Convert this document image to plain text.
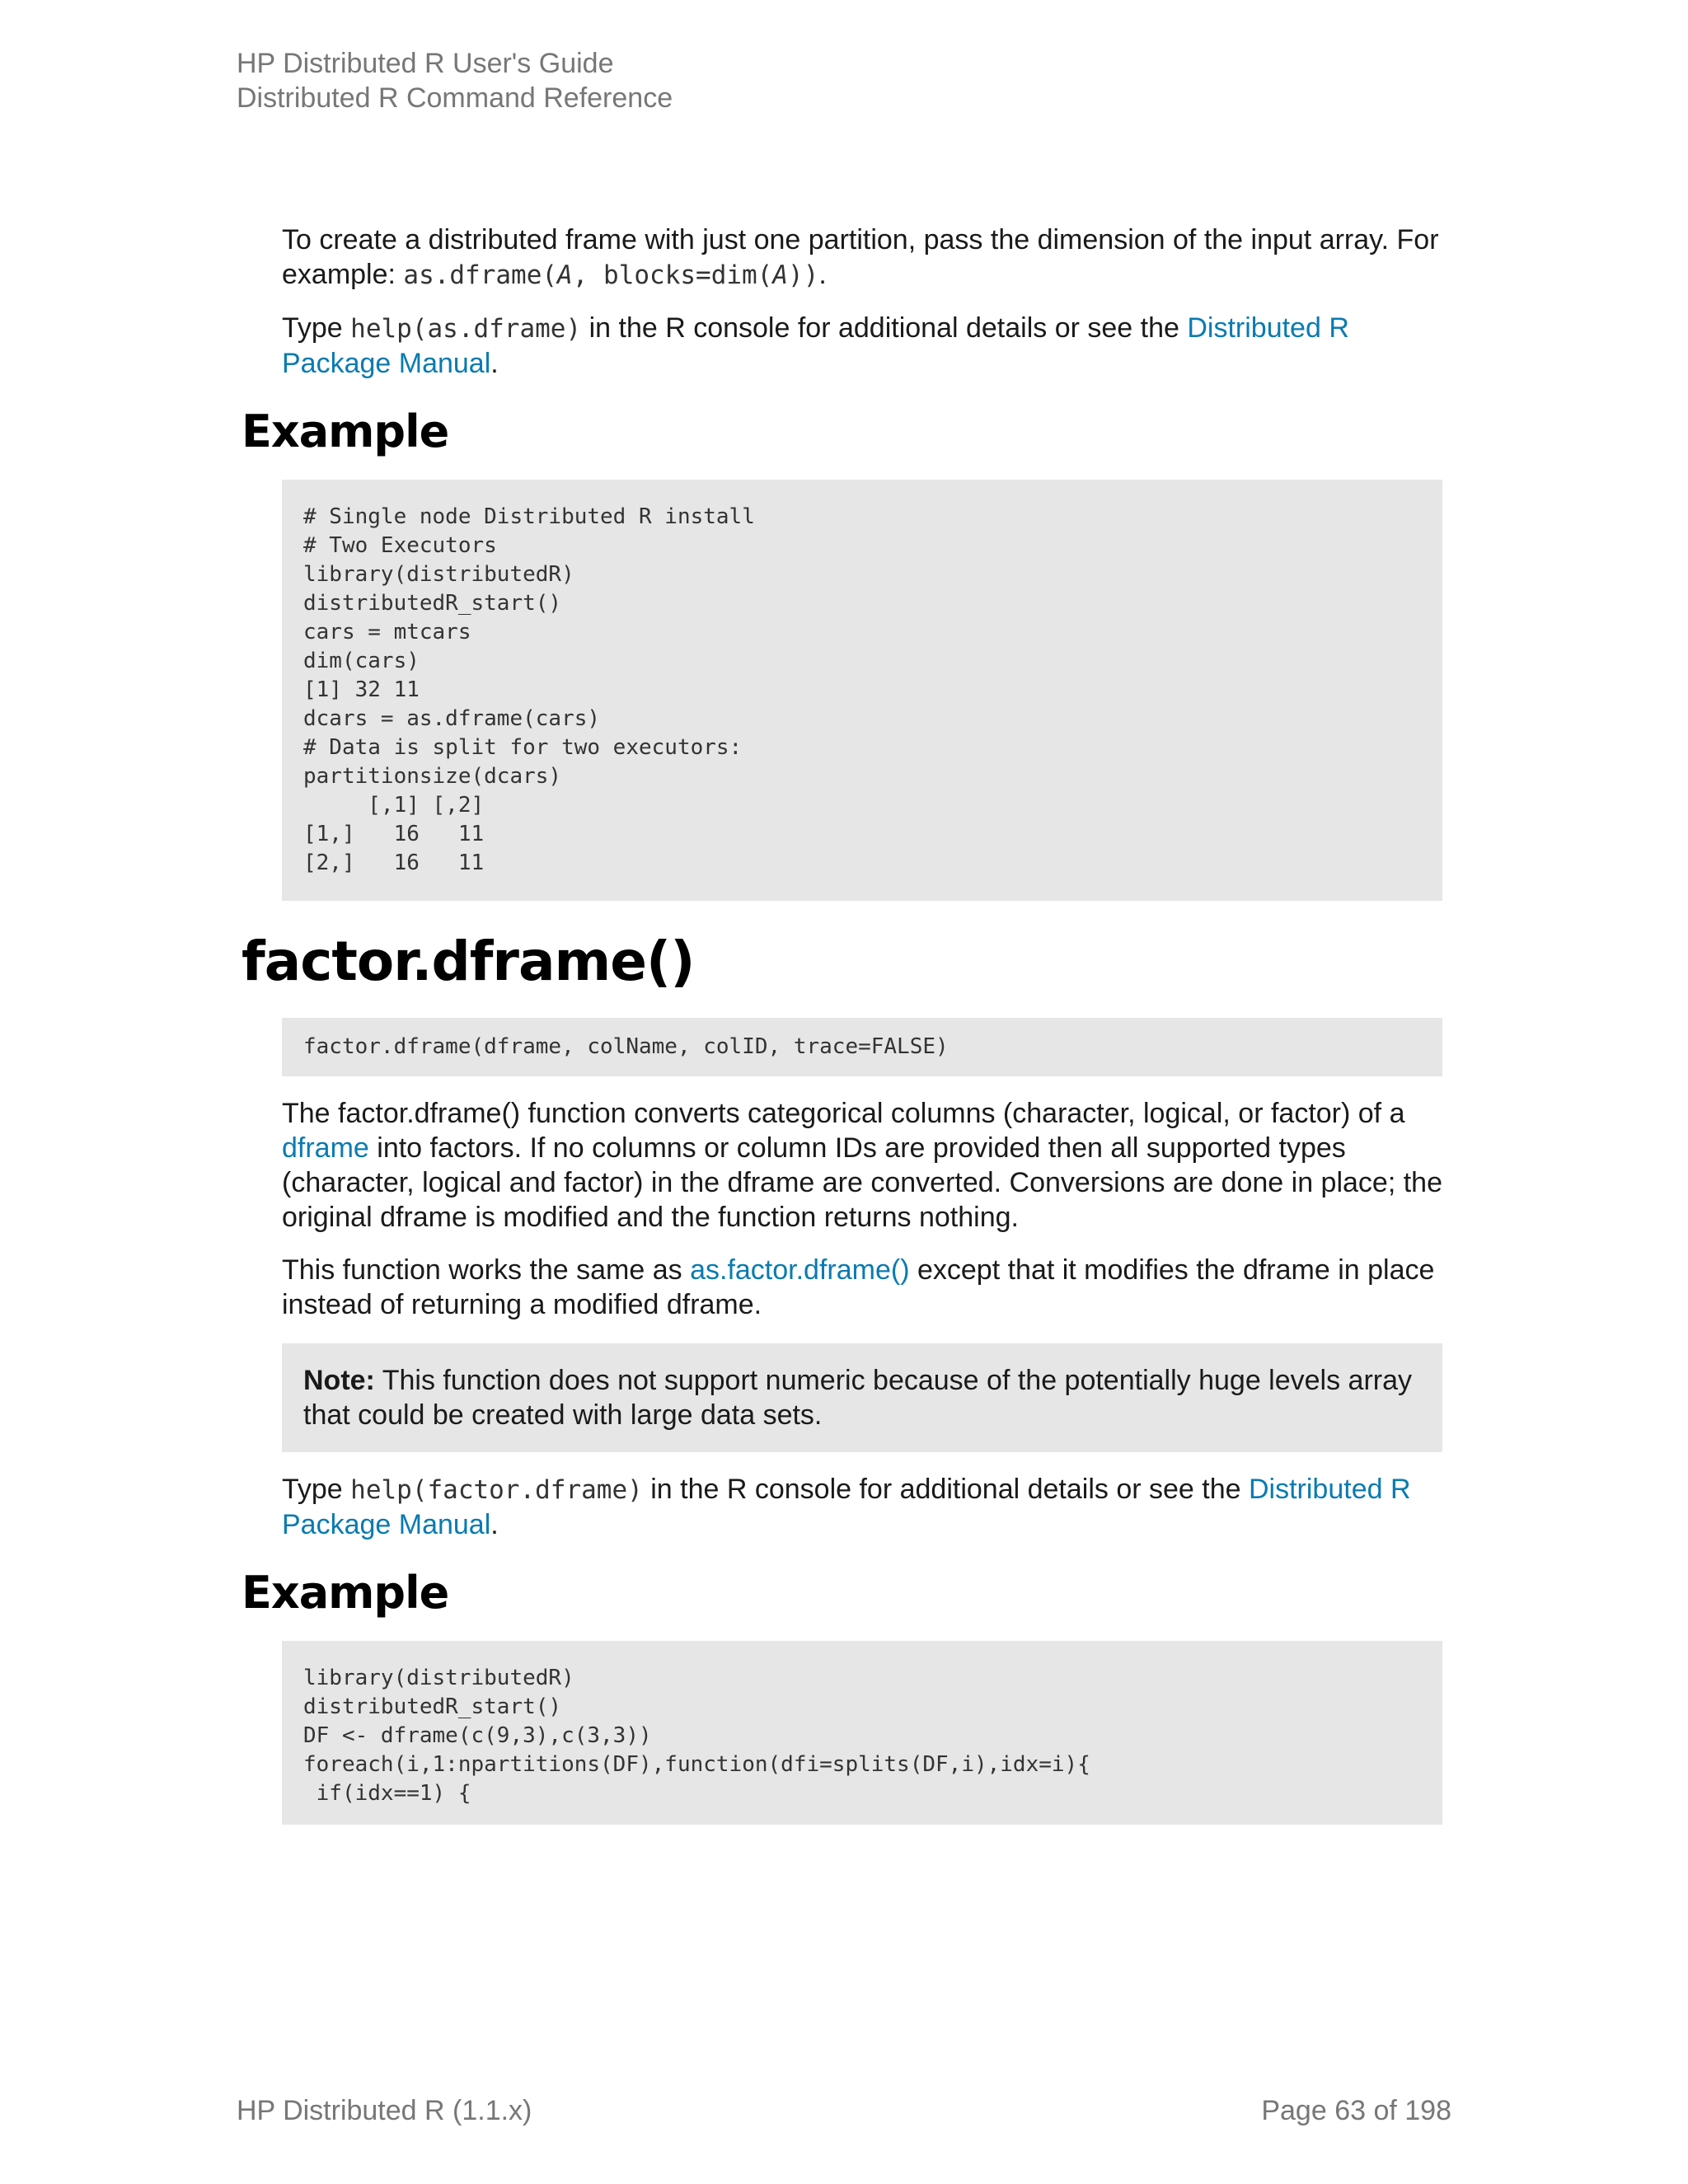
HP Distributed R User's Guide
Distributed R Command Reference

To create a distributed frame with just one partition, pass the dimension of the input array. For example: as.dframe(A, blocks=dim(A)).

Type help(as.dframe) in the R console for additional details or see the Distributed R Package Manual.

Example
# Single node Distributed R install
# Two Executors
library(distributedR)
distributedR_start()
cars = mtcars
dim(cars)
[1] 32 11
dcars = as.dframe(cars)
# Data is split for two executors:
partitionsize(dcars)
[,1] [,2]
[1,]   16   11
[2,]   16   11
factor.dframe()
factor.dframe(dframe, colName, colID, trace=FALSE)

The factor.dframe() function converts categorical columns (character, logical, or factor) of a dframe into factors. If no columns or column IDs are provided then all supported types (character, logical and factor) in the dframe are converted. Conversions are done in place; the original dframe is modified and the function returns nothing.

This function works the same as as.factor.dframe() except that it modifies the dframe in place instead of returning a modified dframe.

Note: This function does not support numeric because of the potentially huge levels array that could be created with large data sets.

Type help(factor.dframe) in the R console for additional details or see the Distributed R Package Manual.

Example
library(distributedR)
distributedR_start()
DF <- dframe(c(9,3),c(3,3))
foreach(i,1:npartitions(DF),function(dfi=splits(DF,i),idx=i){
if(idx==1) {
HP Distributed R (1.1.x)	Page 63 of 198
